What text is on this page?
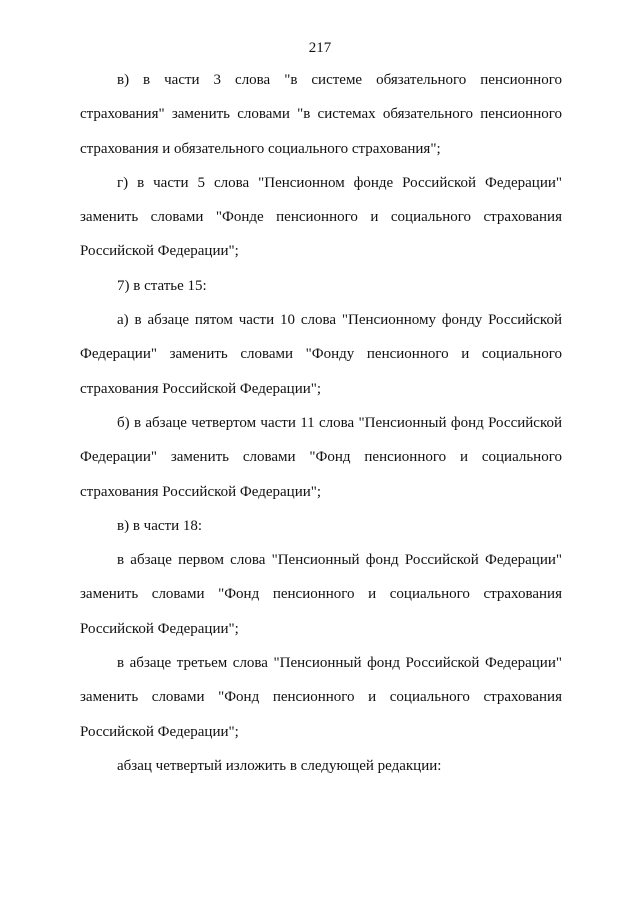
217

в) в части 3 слова "в системе обязательного пенсионного страхования" заменить словами "в системах обязательного пенсионного страхования и обязательного социального страхования";

г) в части 5 слова "Пенсионном фонде Российской Федерации" заменить словами "Фонде пенсионного и социального страхования Российской Федерации";

7) в статье 15:

а) в абзаце пятом части 10 слова "Пенсионному фонду Российской Федерации" заменить словами "Фонду пенсионного и социального страхования Российской Федерации";

б) в абзаце четвертом части 11 слова "Пенсионный фонд Российской Федерации" заменить словами "Фонд пенсионного и социального страхования Российской Федерации";

в) в части 18:

в абзаце первом слова "Пенсионный фонд Российской Федерации" заменить словами "Фонд пенсионного и социального страхования Российской Федерации";

в абзаце третьем слова "Пенсионный фонд Российской Федерации" заменить словами "Фонд пенсионного и социального страхования Российской Федерации";

абзац четвертый изложить в следующей редакции:
